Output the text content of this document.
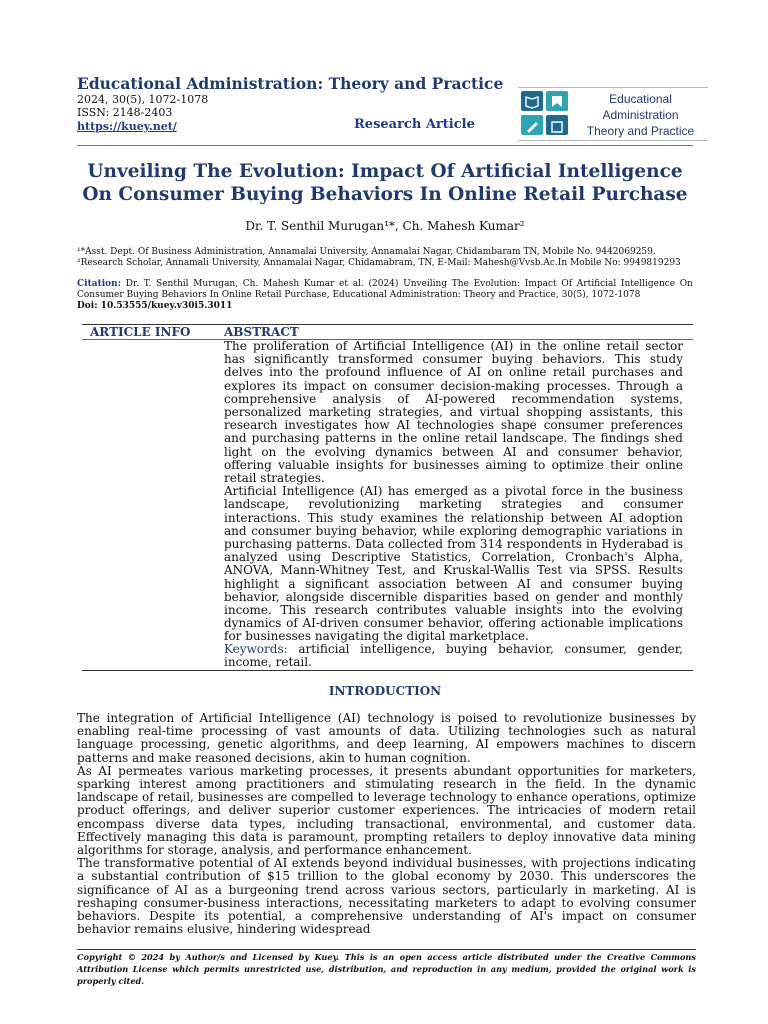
Educational Administration: Theory and Practice
2024, 30(5), 1072-1078
ISSN: 2148-2403
https://kuey.net/	Research Article
Educational
Administration
Theory and Practice
Unveiling The Evolution: Impact Of Artificial Intelligence
On Consumer Buying Behaviors In Online Retail Purchase
Dr. T. Senthil Murugan¹*, Ch. Mahesh Kumar²
¹*Asst. Dept. Of Business Administration, Annamalai University, Annamalai Nagar, Chidambaram TN, Mobile No. 9442069259.
²Research Scholar, Annamali University, Annamalai Nagar, Chidamabram, TN, E-Mail: Mahesh@Vvsb.Ac.In Mobile No: 9949819293
Citation: Dr. T. Senthil Murugan, Ch. Mahesh Kumar et al. (2024) Unveiling The Evolution: Impact Of Artificial Intelligence On Consumer Buying Behaviors In Online Retail Purchase, Educational Administration: Theory and Practice, 30(5), 1072-1078
Doi: 10.53555/kuey.v30i5.3011
ARTICLE INFO	ABSTRACT

The proliferation of Artificial Intelligence (AI) in the online retail sector has significantly transformed consumer buying behaviors. This study delves into the profound influence of AI on online retail purchases and explores its impact on consumer decision-making processes. Through a comprehensive analysis of AI-powered recommendation systems, personalized marketing strategies, and virtual shopping assistants, this research investigates how AI technologies shape consumer preferences and purchasing patterns in the online retail landscape. The findings shed light on the evolving dynamics between AI and consumer behavior, offering valuable insights for businesses aiming to optimize their online retail strategies.

Artificial Intelligence (AI) has emerged as a pivotal force in the business landscape, revolutionizing marketing strategies and consumer interactions. This study examines the relationship between AI adoption and consumer buying behavior, while exploring demographic variations in purchasing patterns. Data collected from 314 respondents in Hyderabad is analyzed using Descriptive Statistics, Correlation, Cronbach's Alpha, ANOVA, Mann-Whitney Test, and Kruskal-Wallis Test via SPSS. Results highlight a significant association between AI and consumer buying behavior, alongside discernible disparities based on gender and monthly income. This research contributes valuable insights into the evolving dynamics of AI-driven consumer behavior, offering actionable implications for businesses navigating the digital marketplace.

Keywords: artificial intelligence, buying behavior, consumer, gender, income, retail.
INTRODUCTION

The integration of Artificial Intelligence (AI) technology is poised to revolutionize businesses by enabling real-time processing of vast amounts of data. Utilizing technologies such as natural language processing, genetic algorithms, and deep learning, AI empowers machines to discern patterns and make reasoned decisions, akin to human cognition.

As AI permeates various marketing processes, it presents abundant opportunities for marketers, sparking interest among practitioners and stimulating research in the field. In the dynamic landscape of retail, businesses are compelled to leverage technology to enhance operations, optimize product offerings, and deliver superior customer experiences. The intricacies of modern retail encompass diverse data types, including transactional, environmental, and customer data. Effectively managing this data is paramount, prompting retailers to deploy innovative data mining algorithms for storage, analysis, and performance enhancement.

The transformative potential of AI extends beyond individual businesses, with projections indicating a substantial contribution of $15 trillion to the global economy by 2030. This underscores the significance of AI as a burgeoning trend across various sectors, particularly in marketing. AI is reshaping consumer-business interactions, necessitating marketers to adapt to evolving consumer behaviors. Despite its potential, a comprehensive understanding of AI's impact on consumer behavior remains elusive, hindering widespread

Copyright © 2024 by Author/s and Licensed by Kuey. This is an open access article distributed under the Creative Commons Attribution License which permits unrestricted use, distribution, and reproduction in any medium, provided the original work is properly cited.
